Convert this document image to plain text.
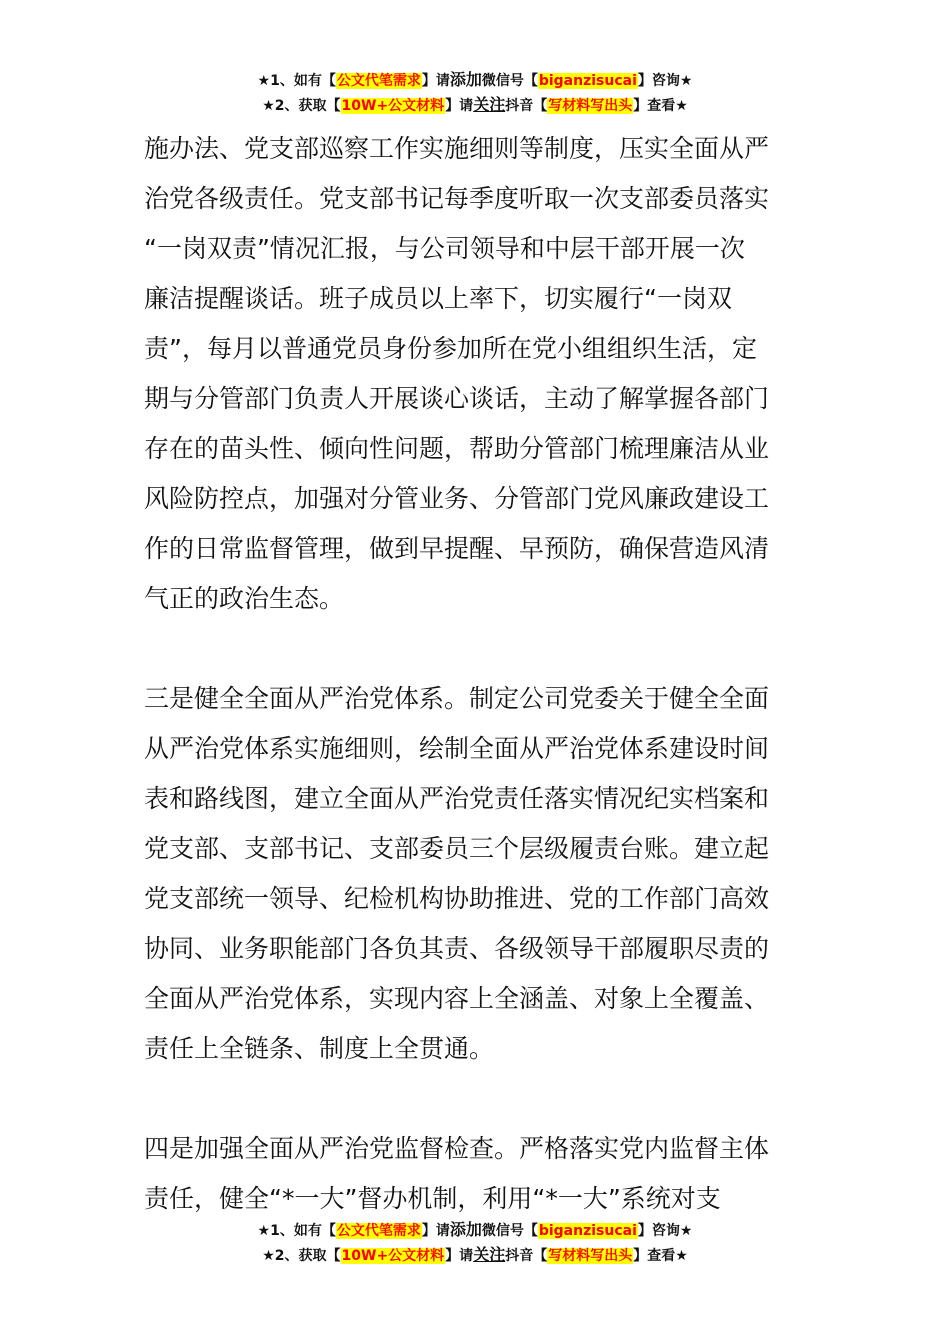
★1、如有【公文代笔需求】请添加微信号【biganzisucai】咨询★
★2、获取【10W+公文材料】请关注抖音【写材料写出头】查看★
施办法、党支部巡察工作实施细则等制度，压实全面从严
治党各级责任。党支部书记每季度听取一次支部委员落实
“一岗双责”情况汇报，与公司领导和中层干部开展一次
廉洁提醒谈话。班子成员以上率下，切实履行“一岗双
责”，每月以普通党员身份参加所在党小组组织生活，定
期与分管部门负责人开展谈心谈话，主动了解掌握各部门
存在的苗头性、倾向性问题，帮助分管部门梳理廉洁从业
风险防控点，加强对分管业务、分管部门党风廉政建设工
作的日常监督管理，做到早提醒、早预防，确保营造风清
气正的政治生态。
三是健全全面从严治党体系。制定公司党委关于健全全面
从严治党体系实施细则，绘制全面从严治党体系建设时间
表和路线图，建立全面从严治党责任落实情况纪实档案和
党支部、支部书记、支部委员三个层级履责台账。建立起
党支部统一领导、纪检机构协助推进、党的工作部门高效
协同、业务职能部门各负其责、各级领导干部履职尽责的
全面从严治党体系，实现内容上全涵盖、对象上全覆盖、
责任上全链条、制度上全贯通。
四是加强全面从严治党监督检查。严格落实党内监督主体
责任，健全“*一大”督办机制，利用“*一大”系统对支
★1、如有【公文代笔需求】请添加微信号【biganzisucai】咨询★
★2、获取【10W+公文材料】请关注抖音【写材料写出头】查看★
